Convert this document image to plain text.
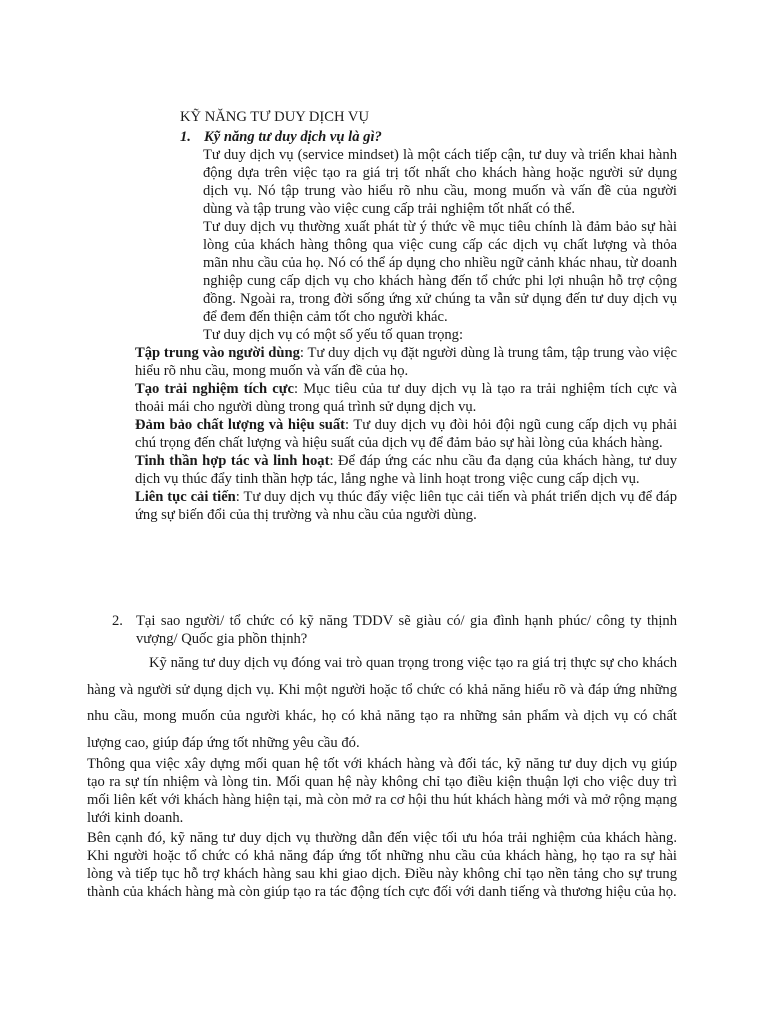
KỸ NĂNG TƯ DUY DỊCH VỤ
1. Kỹ năng tư duy dịch vụ là gì?

Tư duy dịch vụ (service mindset) là một cách tiếp cận, tư duy và triển khai hành động dựa trên việc tạo ra giá trị tốt nhất cho khách hàng hoặc người sử dụng dịch vụ. Nó tập trung vào hiểu rõ nhu cầu, mong muốn và vấn đề của người dùng và tập trung vào việc cung cấp trải nghiệm tốt nhất có thể.

Tư duy dịch vụ thường xuất phát từ ý thức về mục tiêu chính là đảm bảo sự hài lòng của khách hàng thông qua việc cung cấp các dịch vụ chất lượng và thỏa mãn nhu cầu của họ. Nó có thể áp dụng cho nhiều ngữ cảnh khác nhau, từ doanh nghiệp cung cấp dịch vụ cho khách hàng đến tổ chức phi lợi nhuận hỗ trợ cộng đồng. Ngoài ra, trong đời sống ứng xử chúng ta vẫn sử dụng đến tư duy dịch vụ để đem đến thiện cảm tốt cho người khác.

Tư duy dịch vụ có một số yếu tố quan trọng:

Tập trung vào người dùng: Tư duy dịch vụ đặt người dùng là trung tâm, tập trung vào việc hiểu rõ nhu cầu, mong muốn và vấn đề của họ.

Tạo trải nghiệm tích cực: Mục tiêu của tư duy dịch vụ là tạo ra trải nghiệm tích cực và thoải mái cho người dùng trong quá trình sử dụng dịch vụ.

Đảm bảo chất lượng và hiệu suất: Tư duy dịch vụ đòi hỏi đội ngũ cung cấp dịch vụ phải chú trọng đến chất lượng và hiệu suất của dịch vụ để đảm bảo sự hài lòng của khách hàng.

Tinh thần hợp tác và linh hoạt: Để đáp ứng các nhu cầu đa dạng của khách hàng, tư duy dịch vụ thúc đẩy tinh thần hợp tác, lắng nghe và linh hoạt trong việc cung cấp dịch vụ.

Liên tục cải tiến: Tư duy dịch vụ thúc đẩy việc liên tục cải tiến và phát triển dịch vụ để đáp ứng sự biến đổi của thị trường và nhu cầu của người dùng.

2. Tại sao người/ tổ chức có kỹ năng TDDV sẽ giàu có/ gia đình hạnh phúc/ công ty thịnh vượng/ Quốc gia phồn thịnh?

Kỹ năng tư duy dịch vụ đóng vai trò quan trọng trong việc tạo ra giá trị thực sự cho khách hàng và người sử dụng dịch vụ. Khi một người hoặc tổ chức có khả năng hiểu rõ và đáp ứng những nhu cầu, mong muốn của người khác, họ có khả năng tạo ra những sản phẩm và dịch vụ có chất lượng cao, giúp đáp ứng tốt những yêu cầu đó.

Thông qua việc xây dựng mối quan hệ tốt với khách hàng và đối tác, kỹ năng tư duy dịch vụ giúp tạo ra sự tín nhiệm và lòng tin. Mối quan hệ này không chỉ tạo điều kiện thuận lợi cho việc duy trì mối liên kết với khách hàng hiện tại, mà còn mở ra cơ hội thu hút khách hàng mới và mở rộng mạng lưới kinh doanh.

Bên cạnh đó, kỹ năng tư duy dịch vụ thường dẫn đến việc tối ưu hóa trải nghiệm của khách hàng. Khi người hoặc tổ chức có khả năng đáp ứng tốt những nhu cầu của khách hàng, họ tạo ra sự hài lòng và tiếp tục hỗ trợ khách hàng sau khi giao dịch. Điều này không chỉ tạo nền tảng cho sự trung thành của khách hàng mà còn giúp tạo ra tác động tích cực đối với danh tiếng và thương hiệu của họ.
